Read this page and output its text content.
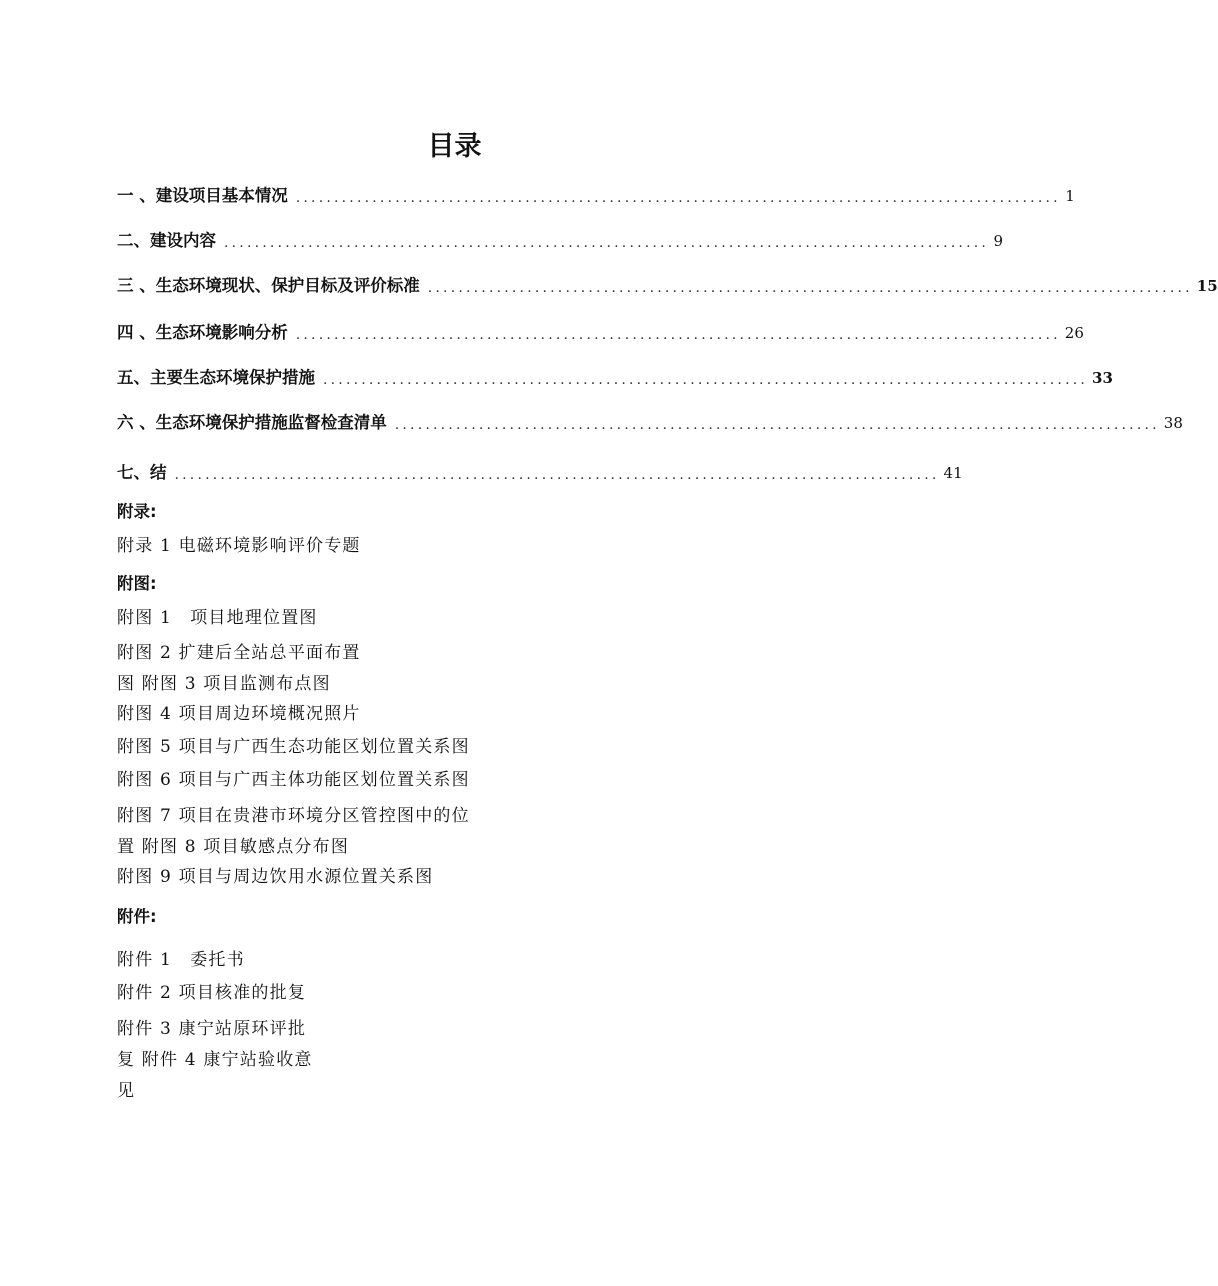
目录
一 、建设项目基本情况 .................................................................................................... 1
二、建设内容 .................................................................................................... 9
三 、生态环境现状、保护目标及评价标准 .................................................................................................... 15
四 、生态环境影响分析 .................................................................................................... 26
五、主要生态环境保护措施 .................................................................................................... 33
六 、生态环境保护措施监督检查清单 .................................................................................................... 38
七、结 .................................................................................................... 41
附录:
附录 1 电磁环境影响评价专题
附图:
附图 1　项目地理位置图
附图 2 扩建后全站总平面布置
图 附图 3 项目监测布点图
附图 4 项目周边环境概况照片
附图 5 项目与广西生态功能区划位置关系图
附图 6 项目与广西主体功能区划位置关系图
附图 7 项目在贵港市环境分区管控图中的位
置 附图 8 项目敏感点分布图
附图 9 项目与周边饮用水源位置关系图
附件:
附件 1　委托书
附件 2 项目核准的批复
附件 3 康宁站原环评批
复 附件 4 康宁站验收意
见
